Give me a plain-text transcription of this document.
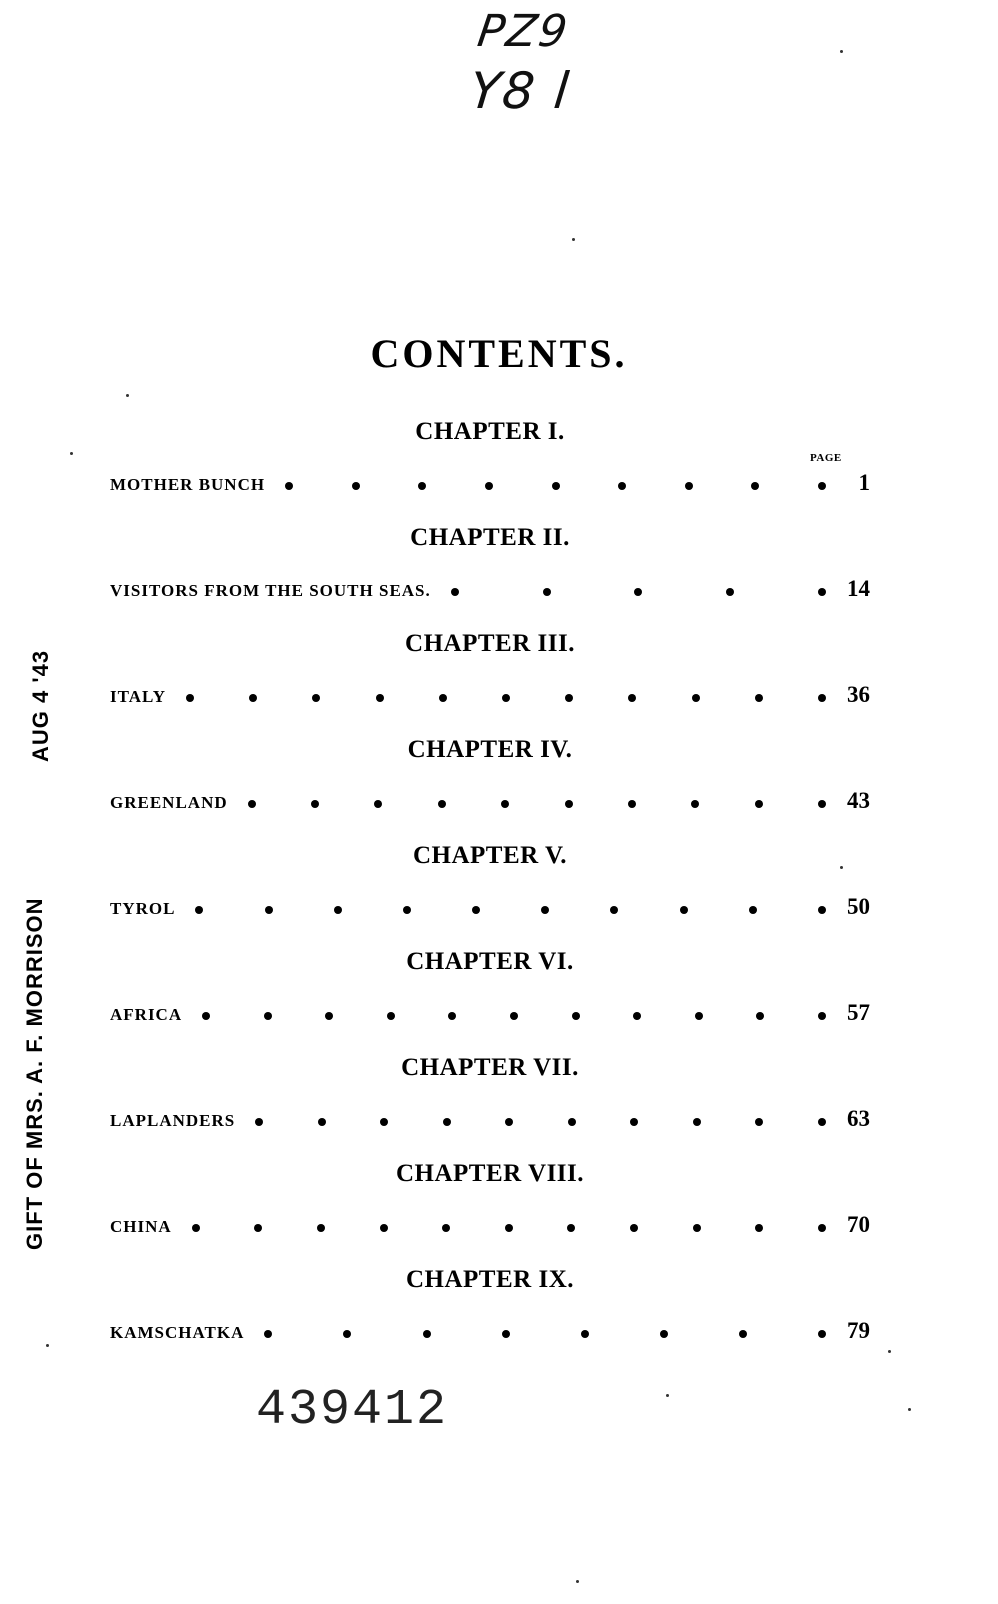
PZ9
Y8 l
CONTENTS.
PAGE
CHAPTER I.
MOTHER BUNCH	1
CHAPTER II.
VISITORS FROM THE SOUTH SEAS.	14
CHAPTER III.
ITALY	36
CHAPTER IV.
GREENLAND	43
CHAPTER V.
TYROL	50
CHAPTER VI.
AFRICA	57
CHAPTER VII.
LAPLANDERS	63
CHAPTER VIII.
CHINA	70
CHAPTER IX.
KAMSCHATKA	79
GIFT OF MRS. A. F. MORRISON
AUG 4 '43
439412
